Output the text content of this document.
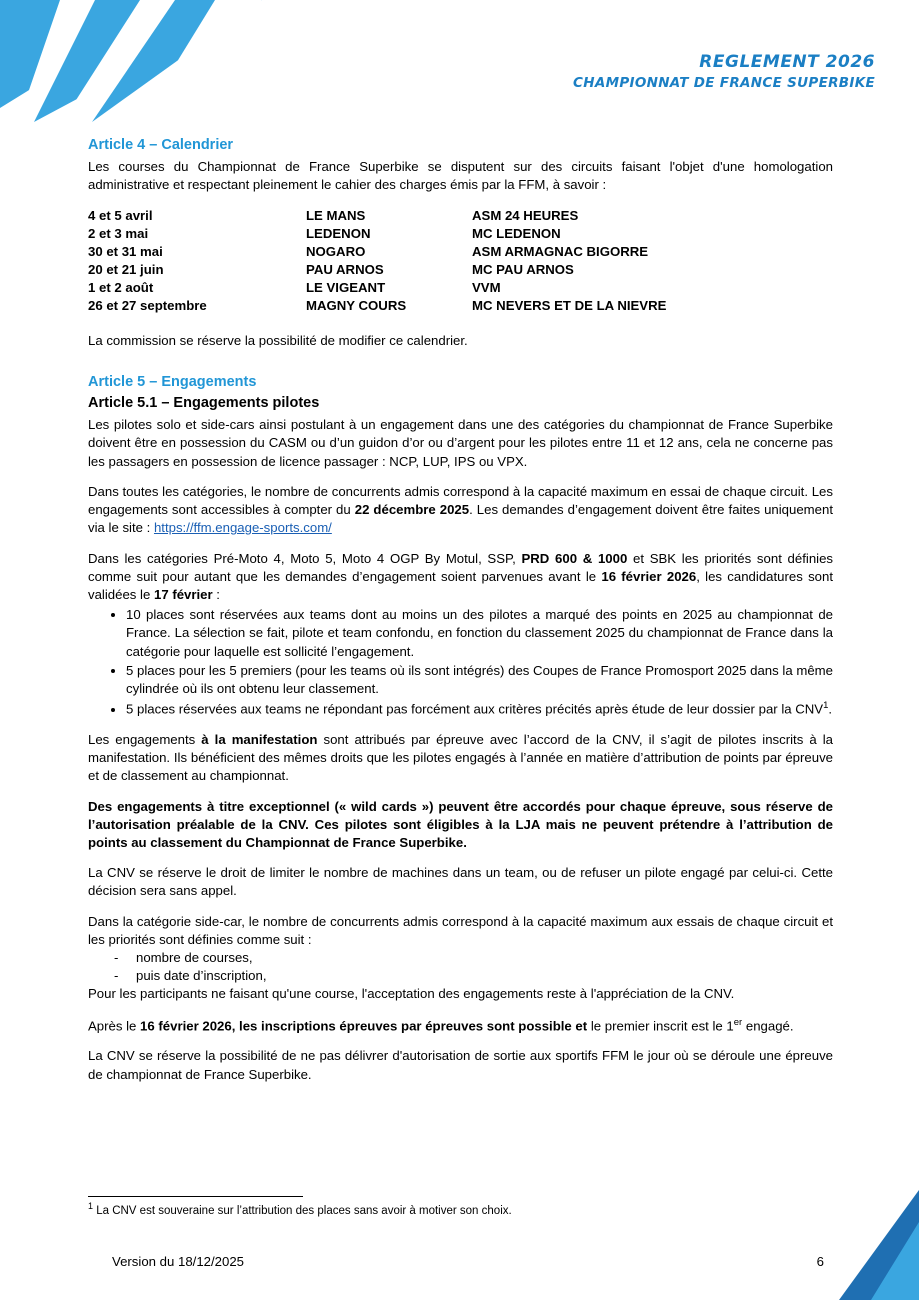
REGLEMENT 2026
CHAMPIONNAT DE FRANCE SUPERBIKE
Article 4 – Calendrier

Les courses du Championnat de France Superbike se disputent sur des circuits faisant l'objet d'une homologation administrative et respectant pleinement le cahier des charges émis par la FFM, à savoir :

4 et 5 avril	LE MANS	ASM 24 HEURES
2 et 3 mai	LEDENON	MC LEDENON
30 et 31 mai	NOGARO	ASM ARMAGNAC BIGORRE
20 et 21 juin	PAU ARNOS	MC PAU ARNOS
1 et 2 août	LE VIGEANT	VVM
26 et 27 septembre	MAGNY COURS	MC NEVERS ET DE LA NIEVRE

La commission se réserve la possibilité de modifier ce calendrier.

Article 5 – Engagements
Article 5.1 – Engagements pilotes

Les pilotes solo et side-cars ainsi postulant à un engagement dans une des catégories du championnat de France Superbike doivent être en possession du CASM ou d’un guidon d’or ou d’argent pour les pilotes entre 11 et 12 ans, cela ne concerne pas les passagers en possession de licence passager : NCP, LUP, IPS ou VPX.

Dans toutes les catégories, le nombre de concurrents admis correspond à la capacité maximum en essai de chaque circuit. Les engagements sont accessibles à compter du 22 décembre 2025. Les demandes d’engagement doivent être faites uniquement via le site : https://ffm.engage-sports.com/

Dans les catégories Pré-Moto 4, Moto 5, Moto 4 OGP By Motul, SSP, PRD 600 & 1000 et SBK les priorités sont définies comme suit pour autant que les demandes d’engagement soient parvenues avant le 16 février 2026, les candidatures sont validées le 17 février :

• 10 places sont réservées aux teams dont au moins un des pilotes a marqué des points en 2025 au championnat de France. La sélection se fait, pilote et team confondu, en fonction du classement 2025 du championnat de France dans la catégorie pour laquelle est sollicité l’engagement.
• 5 places pour les 5 premiers (pour les teams où ils sont intégrés) des Coupes de France Promosport 2025 dans la même cylindrée où ils ont obtenu leur classement.
• 5 places réservées aux teams ne répondant pas forcément aux critères précités après étude de leur dossier par la CNV$^1$.

Les engagements à la manifestation sont attribués par épreuve avec l’accord de la CNV, il s’agit de pilotes inscrits à la manifestation. Ils bénéficient des mêmes droits que les pilotes engagés à l’année en matière d’attribution de points par épreuve et de classement au championnat.

Des engagements à titre exceptionnel (« wild cards ») peuvent être accordés pour chaque épreuve, sous réserve de l’autorisation préalable de la CNV. Ces pilotes sont éligibles à la LJA mais ne peuvent prétendre à l’attribution de points au classement du Championnat de France Superbike.

La CNV se réserve le droit de limiter le nombre de machines dans un team, ou de refuser un pilote engagé par celui-ci. Cette décision sera sans appel.

Dans la catégorie side-car, le nombre de concurrents admis correspond à la capacité maximum aux essais de chaque circuit et les priorités sont définies comme suit :

- nombre de courses,
- puis date d’inscription,

Pour les participants ne faisant qu'une course, l'acceptation des engagements reste à l'appréciation de la CNV.

Après le 16 février 2026, les inscriptions épreuves par épreuves sont possible et le premier inscrit est le 1er engagé.

La CNV se réserve la possibilité de ne pas délivrer d'autorisation de sortie aux sportifs FFM le jour où se déroule une épreuve de championnat de France Superbike.

$^1$ La CNV est souveraine sur l’attribution des places sans avoir à motiver son choix.
Version du 18/12/2025	6
